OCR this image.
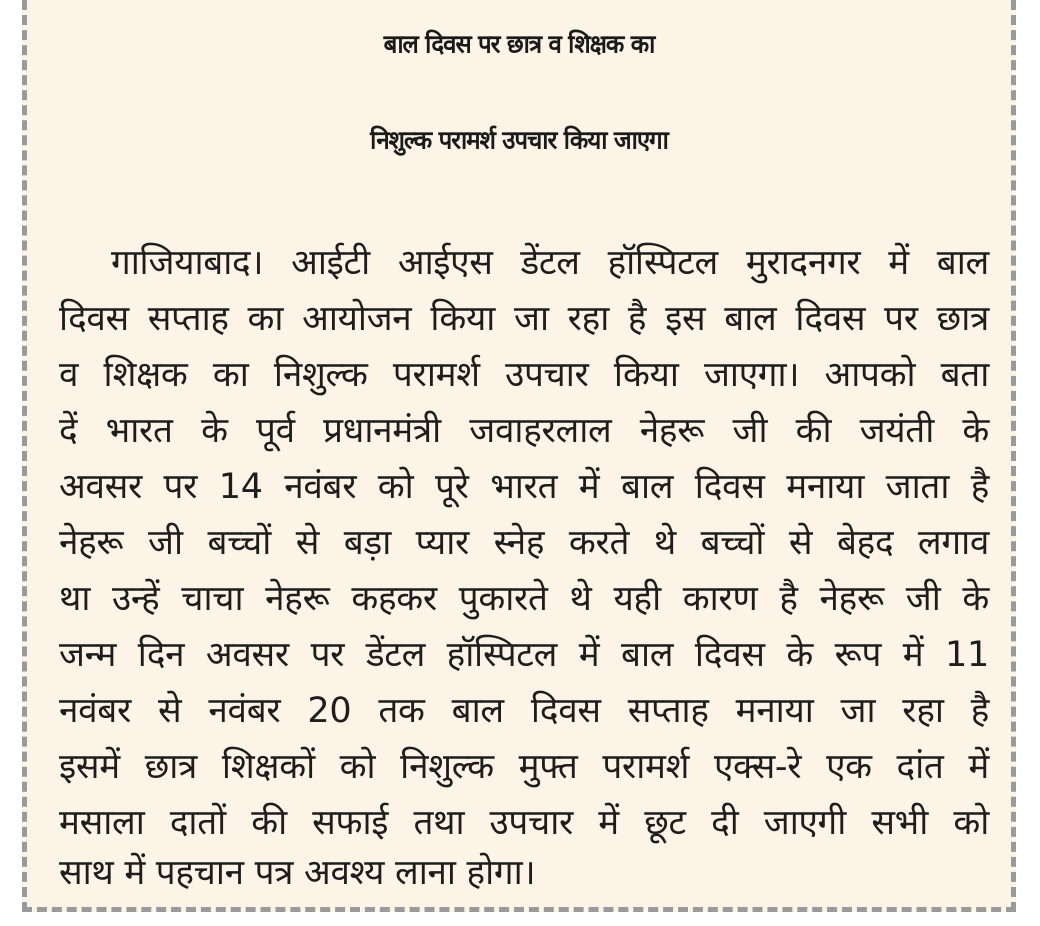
बाल दिवस पर छात्र व शिक्षक का
निशुल्क परामर्श उपचार किया जाएगा
गाजियाबाद। आईटी आईएस डेंटल हॉस्पिटल मुरादनगर में बाल
दिवस सप्ताह का आयोजन किया जा रहा है इस बाल दिवस पर छात्र
व शिक्षक का निशुल्क परामर्श उपचार किया जाएगा। आपको बता
दें भारत के पूर्व प्रधानमंत्री जवाहरलाल नेहरू जी की जयंती के
अवसर पर 14 नवंबर को पूरे भारत में बाल दिवस मनाया जाता है
नेहरू जी बच्चों से बड़ा प्यार स्नेह करते थे बच्चों से बेहद लगाव
था उन्हें चाचा नेहरू कहकर पुकारते थे यही कारण है नेहरू जी के
जन्म दिन अवसर पर डेंटल हॉस्पिटल में बाल दिवस के रूप में 11
नवंबर से नवंबर 20 तक बाल दिवस सप्ताह मनाया जा रहा है
इसमें छात्र शिक्षकों को निशुल्क मुफ्त परामर्श एक्स-रे एक दांत में
मसाला दातों की सफाई तथा उपचार में छूट दी जाएगी सभी को
साथ में पहचान पत्र अवश्य लाना होगा।
